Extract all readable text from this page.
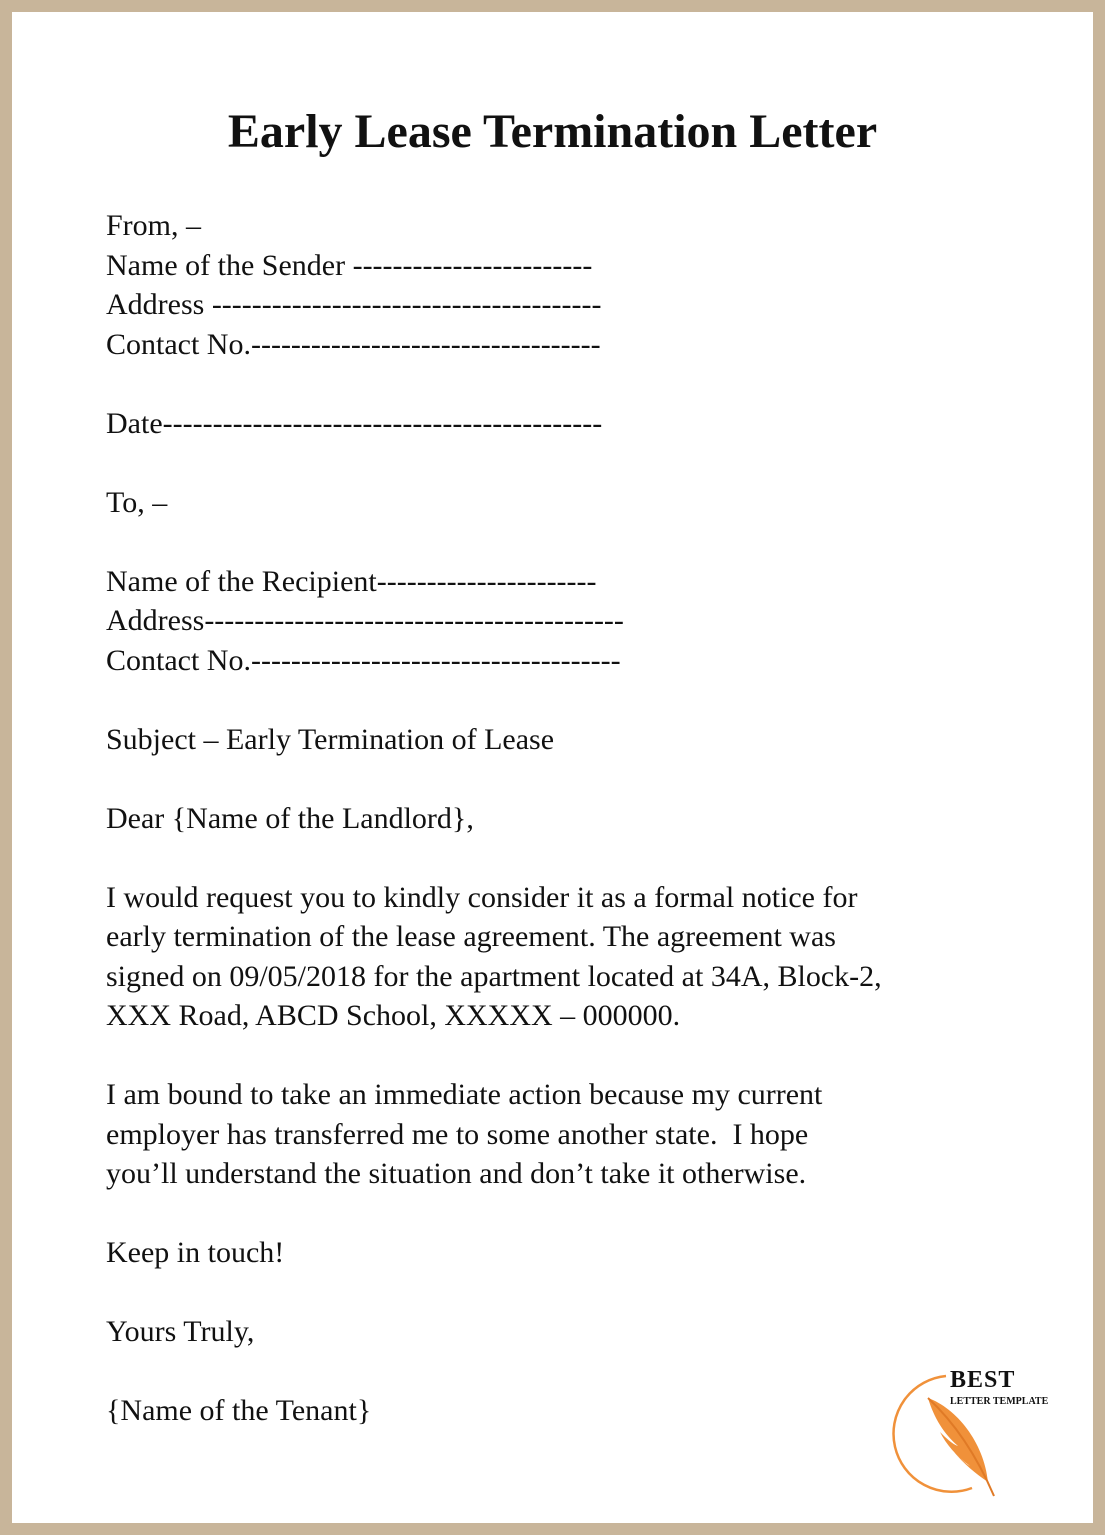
Early Lease Termination Letter

From, –

Name of the Sender ------------------------

Address ---------------------------------------

Contact No.-----------------------------------

Date--------------------------------------------

To, –

Name of the Recipient----------------------

Address------------------------------------------

Contact No.-------------------------------------

Subject – Early Termination of Lease

Dear {Name of the Landlord},

I would request you to kindly consider it as a formal notice for

early termination of the lease agreement. The agreement was

signed on 09/05/2018 for the apartment located at 34A, Block-2,

XXX Road, ABCD School, XXXXX – 000000.

I am bound to take an immediate action because my current

employer has transferred me to some another state.  I hope

you’ll understand the situation and don’t take it otherwise.

Keep in touch!

Yours Truly,

{Name of the Tenant}

BEST
LETTER TEMPLATE
